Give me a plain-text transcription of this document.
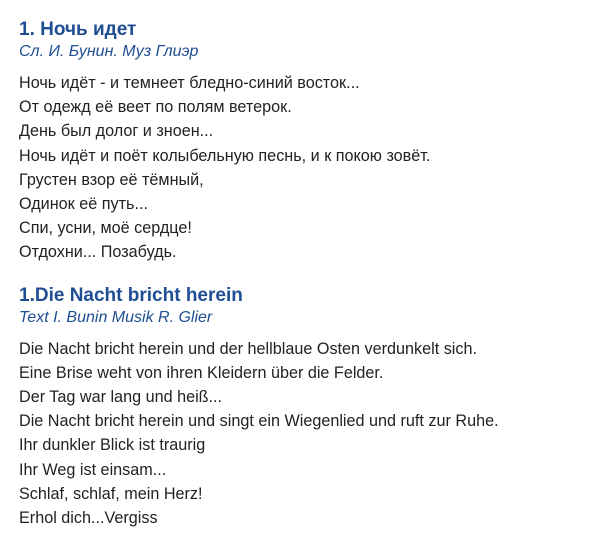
1. Ночь идет

Сл. И. Бунин. Муз Глиэр

Ночь идёт - и темнеет бледно-синий восток...
От одежд её веет по полям ветерок.
День был долог и зноен...
Ночь идёт и поёт колыбельную песнь, и к покою зовёт.
Грустен взор её тёмный,
Одинок её путь...
Спи, усни, моё сердце!
Отдохни... Позабудь.
1.Die Nacht bricht herein

Text I. Bunin Musik R. Glier

Die Nacht bricht herein und der hellblaue Osten verdunkelt sich.
Eine Brise weht von ihren Kleidern über die Felder.
Der Tag war lang und heiß...
Die Nacht bricht herein und singt ein Wiegenlied und ruft zur Ruhe.
Ihr dunkler Blick ist traurig
Ihr Weg ist einsam...
Schlaf, schlaf, mein Herz!
Erhol dich...Vergiss
